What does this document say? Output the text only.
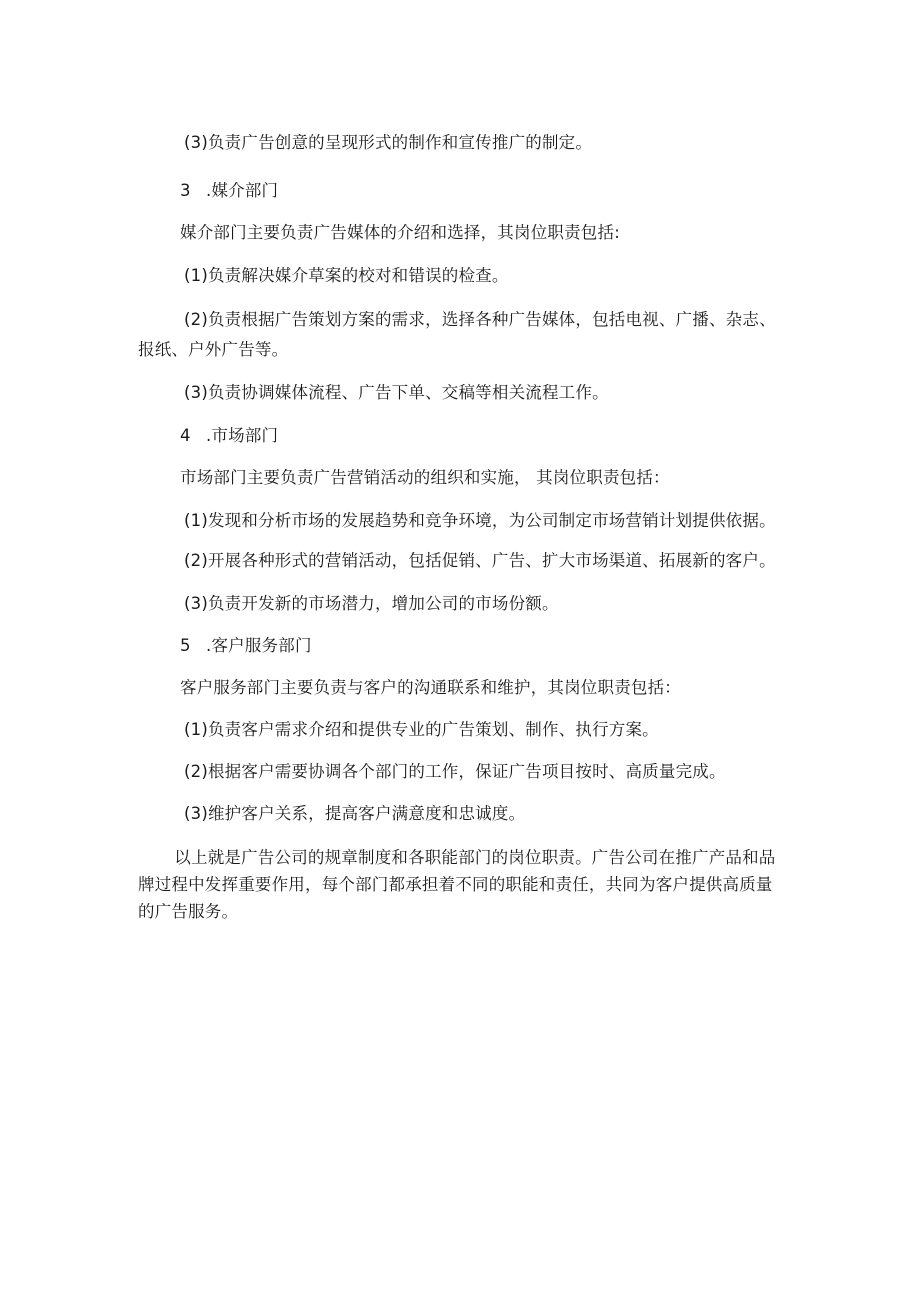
(3)负责广告创意的呈现形式的制作和宣传推广的制定。
3 .媒介部门
媒介部门主要负责广告媒体的介绍和选择，其岗位职责包括:
(1)负责解决媒介草案的校对和错误的检查。
(2)负责根据广告策划方案的需求，选择各种广告媒体，包括电视、广播、杂志、
报纸、户外广告等。
(3)负责协调媒体流程、广告下单、交稿等相关流程工作。
4 .市场部门
市场部门主要负责广告营销活动的组织和实施， 其岗位职责包括：
(1)发现和分析市场的发展趋势和竞争环境，为公司制定市场营销计划提供依据。
(2)开展各种形式的营销活动，包括促销、广告、扩大市场渠道、拓展新的客户。
(3)负责开发新的市场潜力，增加公司的市场份额。
5 .客户服务部门
客户服务部门主要负责与客户的沟通联系和维护，其岗位职责包括：
(1)负责客户需求介绍和提供专业的广告策划、制作、执行方案。
(2)根据客户需要协调各个部门的工作，保证广告项目按时、高质量完成。
(3)维护客户关系，提高客户满意度和忠诚度。
以上就是广告公司的规章制度和各职能部门的岗位职责。广告公司在推广产品和品牌过程中发挥重要作用，每个部门都承担着不同的职能和责任，共同为客户提供高质量的广告服务。
